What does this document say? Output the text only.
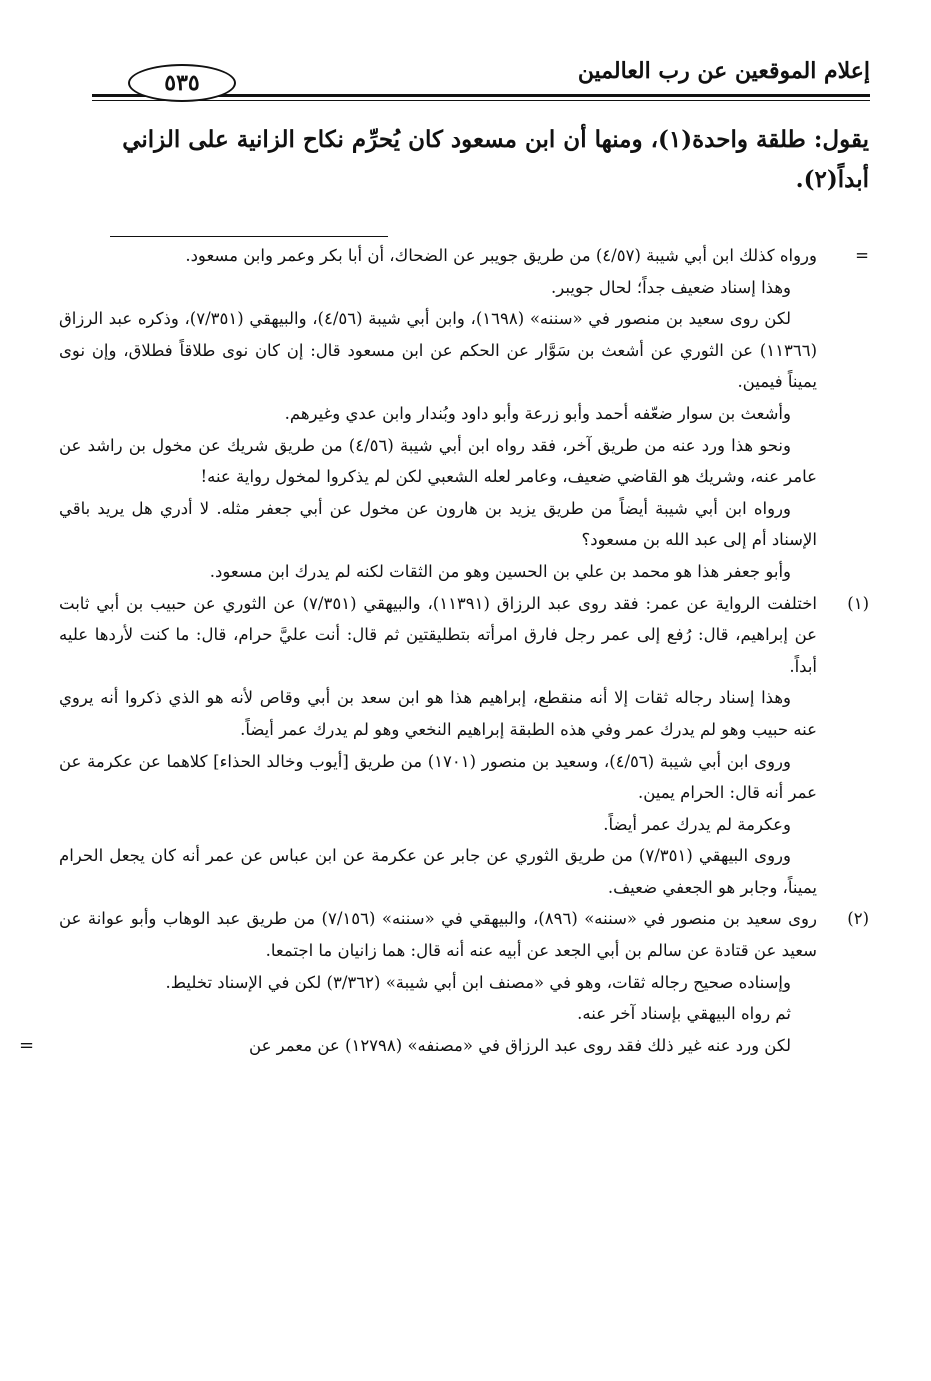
إعلام الموقعين عن رب العالمين
٥٣٥

يقول: طلقة واحدة(١)، ومنها أن ابن مسعود كان يُحرِّم نكاح الزانية على الزاني

أبداً(٢).

=

ورواه كذلك ابن أبي شيبة (٤/٥٧) من طريق جويبر عن الضحاك، أن أبا بكر وعمر وابن مسعود.

وهذا إسناد ضعيف جداً؛ لحال جويبر.

لكن روى سعيد بن منصور في «سننه» (١٦٩٨)، وابن أبي شيبة (٤/٥٦)، والبيهقي (٧/٣٥١)، وذكره عبد الرزاق (١١٣٦٦) عن الثوري عن أشعث بن سَوَّار عن الحكم عن ابن مسعود قال: إن كان نوى طلاقاً فطلاق، وإن نوى يميناً فيمين.

وأشعث بن سوار ضعّفه أحمد وأبو زرعة وأبو داود وبُندار وابن عدي وغيرهم.

ونحو هذا ورد عنه من طريق آخر، فقد رواه ابن أبي شيبة (٤/٥٦) من طريق شريك عن مخول بن راشد عن عامر عنه، وشريك هو القاضي ضعيف، وعامر لعله الشعبي لكن لم يذكروا لمخول رواية عنه!

ورواه ابن أبي شيبة أيضاً من طريق يزيد بن هارون عن مخول عن أبي جعفر مثله. لا أدري هل يريد باقي الإسناد أم إلى عبد الله بن مسعود؟

وأبو جعفر هذا هو محمد بن علي بن الحسين وهو من الثقات لكنه لم يدرك ابن مسعود.

(١)

اختلفت الرواية عن عمر: فقد روى عبد الرزاق (١١٣٩١)، والبيهقي (٧/٣٥١) عن الثوري عن حبيب بن أبي ثابت عن إبراهيم، قال: رُفع إلى عمر رجل فارق امرأته بتطليقتين ثم قال: أنت عليَّ حرام، قال: ما كنت لأردها عليه أبداً.

وهذا إسناد رجاله ثقات إلا أنه منقطع، إبراهيم هذا هو ابن سعد بن أبي وقاص لأنه هو الذي ذكروا أنه يروي عنه حبيب وهو لم يدرك عمر وفي هذه الطبقة إبراهيم النخعي وهو لم يدرك عمر أيضاً.

وروى ابن أبي شيبة (٤/٥٦)، وسعيد بن منصور (١٧٠١) من طريق [أيوب وخالد الحذاء] كلاهما عن عكرمة عن عمر أنه قال: الحرام يمين.

وعكرمة لم يدرك عمر أيضاً.

وروى البيهقي (٧/٣٥١) من طريق الثوري عن جابر عن عكرمة عن ابن عباس عن عمر أنه كان يجعل الحرام يميناً، وجابر هو الجعفي ضعيف.

(٢)

روى سعيد بن منصور في «سننه» (٨٩٦)، والبيهقي في «سننه» (٧/١٥٦) من طريق عبد الوهاب وأبو عوانة عن سعيد عن قتادة عن سالم بن أبي الجعد عن أبيه عنه أنه قال: هما زانيان ما اجتمعا.

وإسناده صحيح رجاله ثقات، وهو في «مصنف ابن أبي شيبة» (٣/٣٦٢) لكن في الإسناد تخليط.

ثم رواه البيهقي بإسناد آخر عنه.

لكن ورد عنه غير ذلك فقد روى عبد الرزاق في «مصنفه» (١٢٧٩٨) عن معمر عن

=
